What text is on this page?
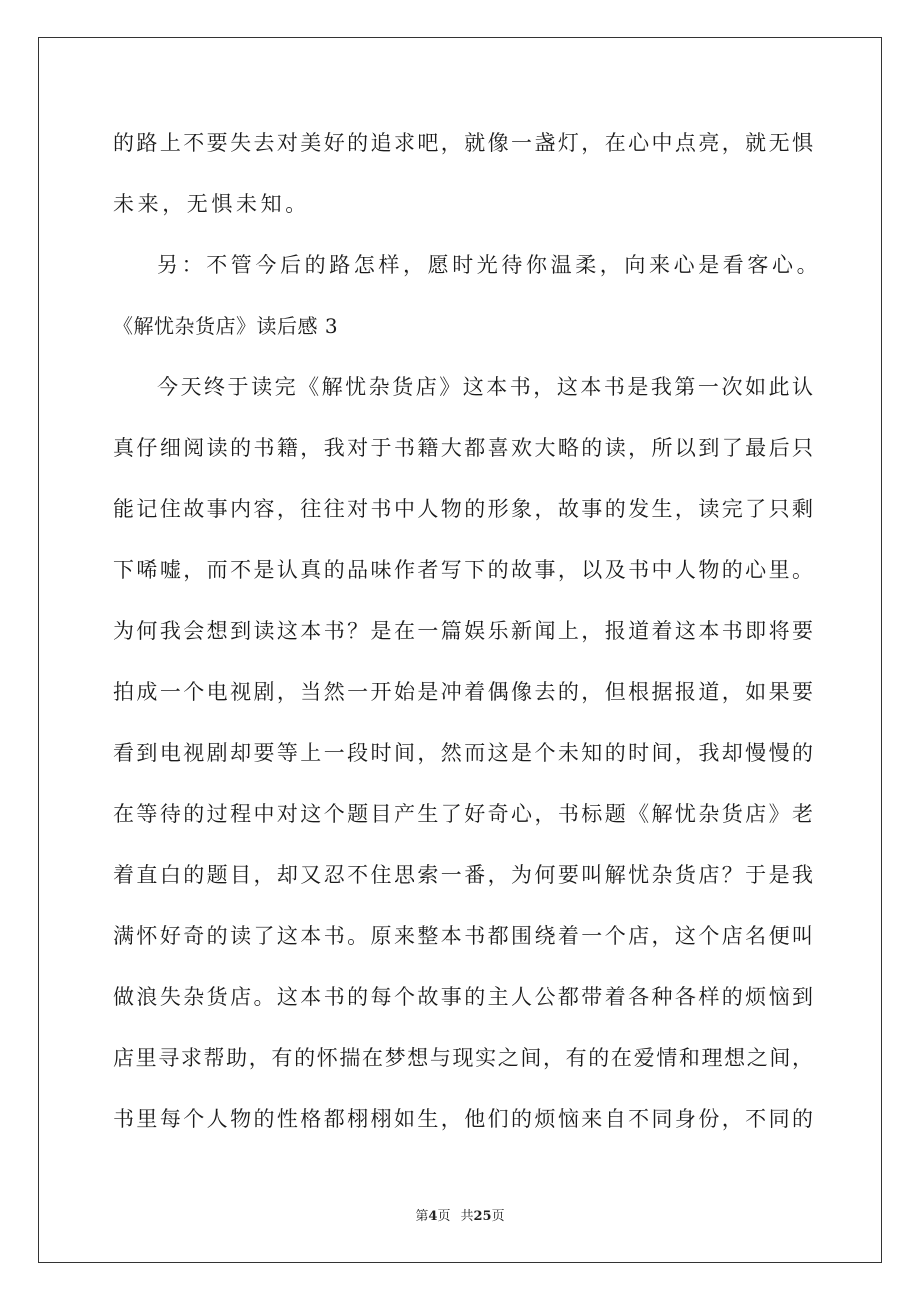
的路上不要失去对美好的追求吧，就像一盏灯，在心中点亮，就无惧
未来，无惧未知。
另：不管今后的路怎样，愿时光待你温柔，向来心是看客心。
《解忧杂货店》读后感 3
今天终于读完《解忧杂货店》这本书，这本书是我第一次如此认
真仔细阅读的书籍，我对于书籍大都喜欢大略的读，所以到了最后只
能记住故事内容，往往对书中人物的形象，故事的发生，读完了只剩
下唏嘘，而不是认真的品味作者写下的故事，以及书中人物的心里。
为何我会想到读这本书？是在一篇娱乐新闻上，报道着这本书即将要
拍成一个电视剧，当然一开始是冲着偶像去的，但根据报道，如果要
看到电视剧却要等上一段时间，然而这是个未知的时间，我却慢慢的
在等待的过程中对这个题目产生了好奇心，书标题《解忧杂货店》老
着直白的题目，却又忍不住思索一番，为何要叫解忧杂货店？于是我
满怀好奇的读了这本书。原来整本书都围绕着一个店，这个店名便叫
做浪失杂货店。这本书的每个故事的主人公都带着各种各样的烦恼到
店里寻求帮助，有的怀揣在梦想与现实之间，有的在爱情和理想之间，
书里每个人物的性格都栩栩如生，他们的烦恼来自不同身份，不同的
第4页 共25页
